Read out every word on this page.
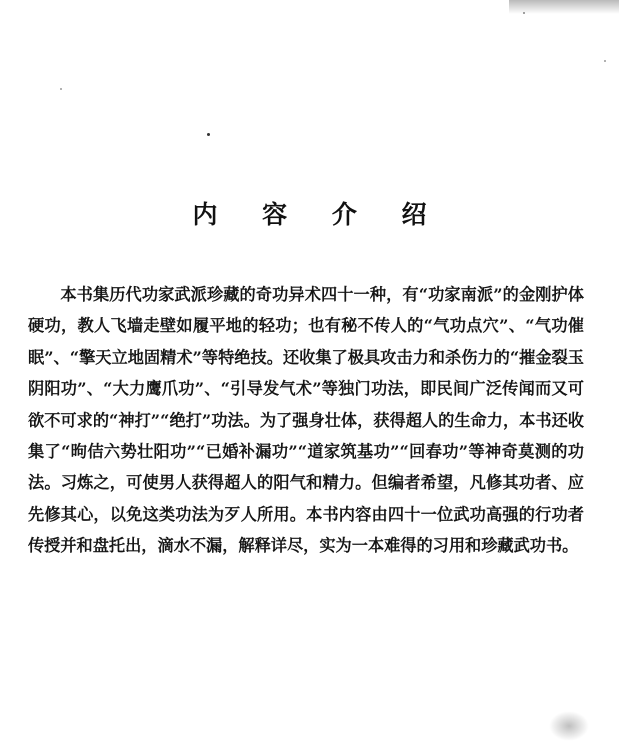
内 容 介 绍

本书集历代功家武派珍藏的奇功异术四十一种，有“功家南派”的金刚护体硬功，教人飞墙走壁如履平地的轻功；也有秘不传人的“气功点穴”、“气功催眠”、“擎天立地固精术”等特绝技。还收集了极具攻击力和杀伤力的“摧金裂玉阴阳功”、“大力鹰爪功”、“引导发气术”等独门功法，即民间广泛传闻而又可欲不可求的“神打”“绝打”功法。为了强身壮体，获得超人的生命力，本书还收集了“昫佶六势壮阳功”“已婚补漏功”“道家筑基功”“回春功”等神奇莫测的功法。习炼之，可使男人获得超人的阳气和精力。但编者希望，凡修其功者、应先修其心，以免这类功法为歹人所用。本书内容由四十一位武功高强的行功者传授并和盘托出，滴水不漏，解释详尽，实为一本难得的习用和珍藏武功书。
